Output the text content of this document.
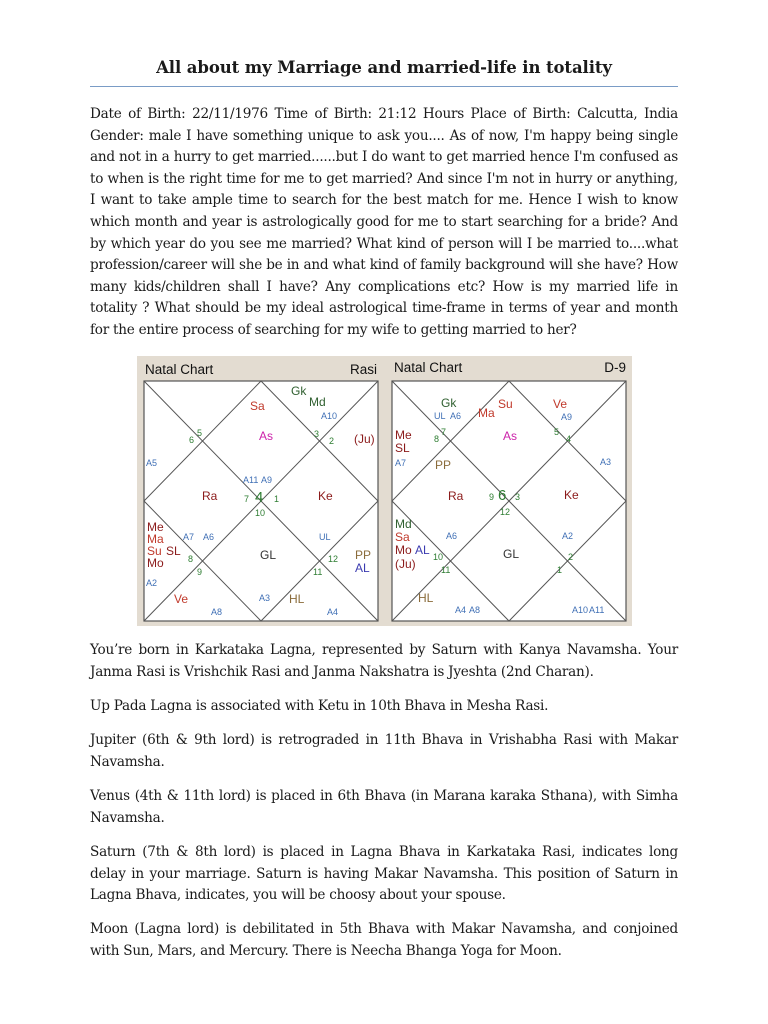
All about my Marriage and married-life in totality

Date of Birth: 22/11/1976 Time of Birth: 21:12 Hours Place of Birth: Calcutta, India Gender: male I have something unique to ask you.... As of now, I'm happy being single and not in a hurry to get married......but I do want to get married hence I'm confused as to when is the right time for me to get married? And since I'm not in hurry or anything, I want to take ample time to search for the best match for me. Hence I wish to know which month and year is astrologically good for me to start searching for a bride? And by which year do you see me married? What kind of person will I be married to....what profession/career will she be in and what kind of family background will she have? How many kids/children shall I have? Any complications etc? How is my married life in totality ? What should be my ideal astrological time-frame in terms of year and month for the entire process of searching for my wife to getting married to her?

Natal Chart	Rasi
Gk
Sa	Md
A10
5
6	As	3
2 (Ju)
A5
A11 A9
Ra	7 4 1	Ke
10
Me
Ma
Su SL
Mo
A7 A6	UL
8
9
GL	12
11
PP
AL
A2
Ve
A8
A3 HL
A4
Natal Chart	D-9
Gk
UL A6 Ma
Su	Ve
A9
Me
SL
8
7	As	5
4
A7	A3
PP
Ra	9 6 3	Ke
12
Md
Sa
Mo AL
(Ju)
A6	A2
10	GL	2
11	1
HL
A4 A8	A10 A11

You’re born in Karkataka Lagna, represented by Saturn with Kanya Navamsha. Your Janma Rasi is Vrishchik Rasi and Janma Nakshatra is Jyeshta (2nd Charan).

Up Pada Lagna is associated with Ketu in 10th Bhava in Mesha Rasi.

Jupiter (6th & 9th lord) is retrograded in 11th Bhava in Vrishabha Rasi with Makar Navamsha.

Venus (4th & 11th lord) is placed in 6th Bhava (in Marana karaka Sthana), with Simha Navamsha.

Saturn (7th & 8th lord) is placed in Lagna Bhava in Karkataka Rasi, indicates long delay in your marriage. Saturn is having Makar Navamsha. This position of Saturn in Lagna Bhava, indicates, you will be choosy about your spouse.

Moon (Lagna lord) is debilitated in 5th Bhava with Makar Navamsha, and conjoined with Sun, Mars, and Mercury. There is Neecha Bhanga Yoga for Moon.
